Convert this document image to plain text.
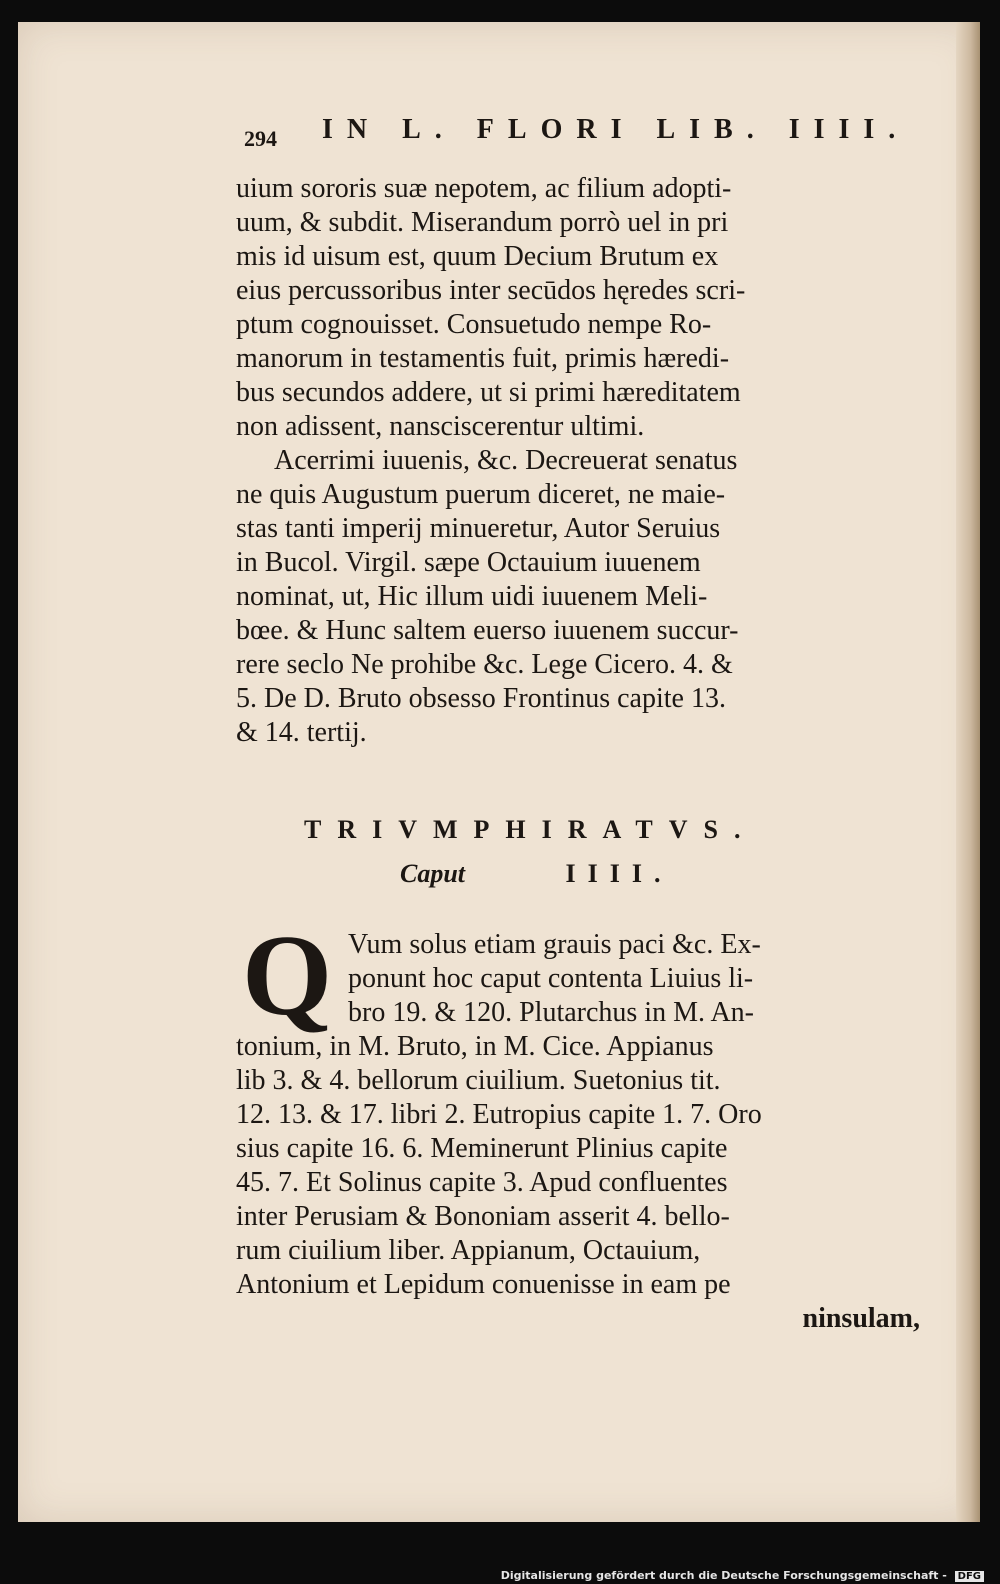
294 IN L. FLORI LIB. IIII.
uium sororis suæ nepotem, ac filium adopti-
uum, & subdit. Miserandum porrò uel in pri
mis id uisum est, quum Decium Brutum ex
eius percussoribus inter secūdos hęredes scri-
ptum cognouisset. Consuetudo nempe Ro-
manorum in testamentis fuit, primis hæredi-
bus secundos addere, ut si primi hæreditatem
non adissent, nansciscerentur ultimi.
Acerrimi iuuenis, &c. Decreuerat senatus
ne quis Augustum puerum diceret, ne maie-
stas tanti imperij minueretur, Autor Seruius
in Bucol. Virgil. sæpe Octauium iuuenem
nominat, ut, Hic illum uidi iuuenem Meli-
bœe. & Hunc saltem euerso iuuenem succur-
rere seclo Ne prohibe &c. Lege Cicero. 4. &
5. De D. Bruto obsesso Frontinus capite 13.
& 14. tertij.
TRIVMPHIRATVS.
Caput	IIII.
Q Vum solus etiam grauis paci &c. Ex-
ponunt hoc caput contenta Liuius li-
bro 19. & 120. Plutarchus in M. An-
tonium, in M. Bruto, in M. Cice. Appianus
lib 3. & 4. bellorum ciuilium. Suetonius tit.
12. 13. & 17. libri 2. Eutropius capite 1. 7. Oro
sius capite 16. 6. Meminerunt Plinius capite
45. 7. Et Solinus capite 3. Apud confluentes
inter Perusiam & Bononiam asserit 4. bello-
rum ciuilium liber. Appianum, Octauium,
Antonium et Lepidum conuenisse in eam pe
ninsulam,
Digitalisierung gefördert durch die Deutsche Forschungsgemeinschaft - DFG
